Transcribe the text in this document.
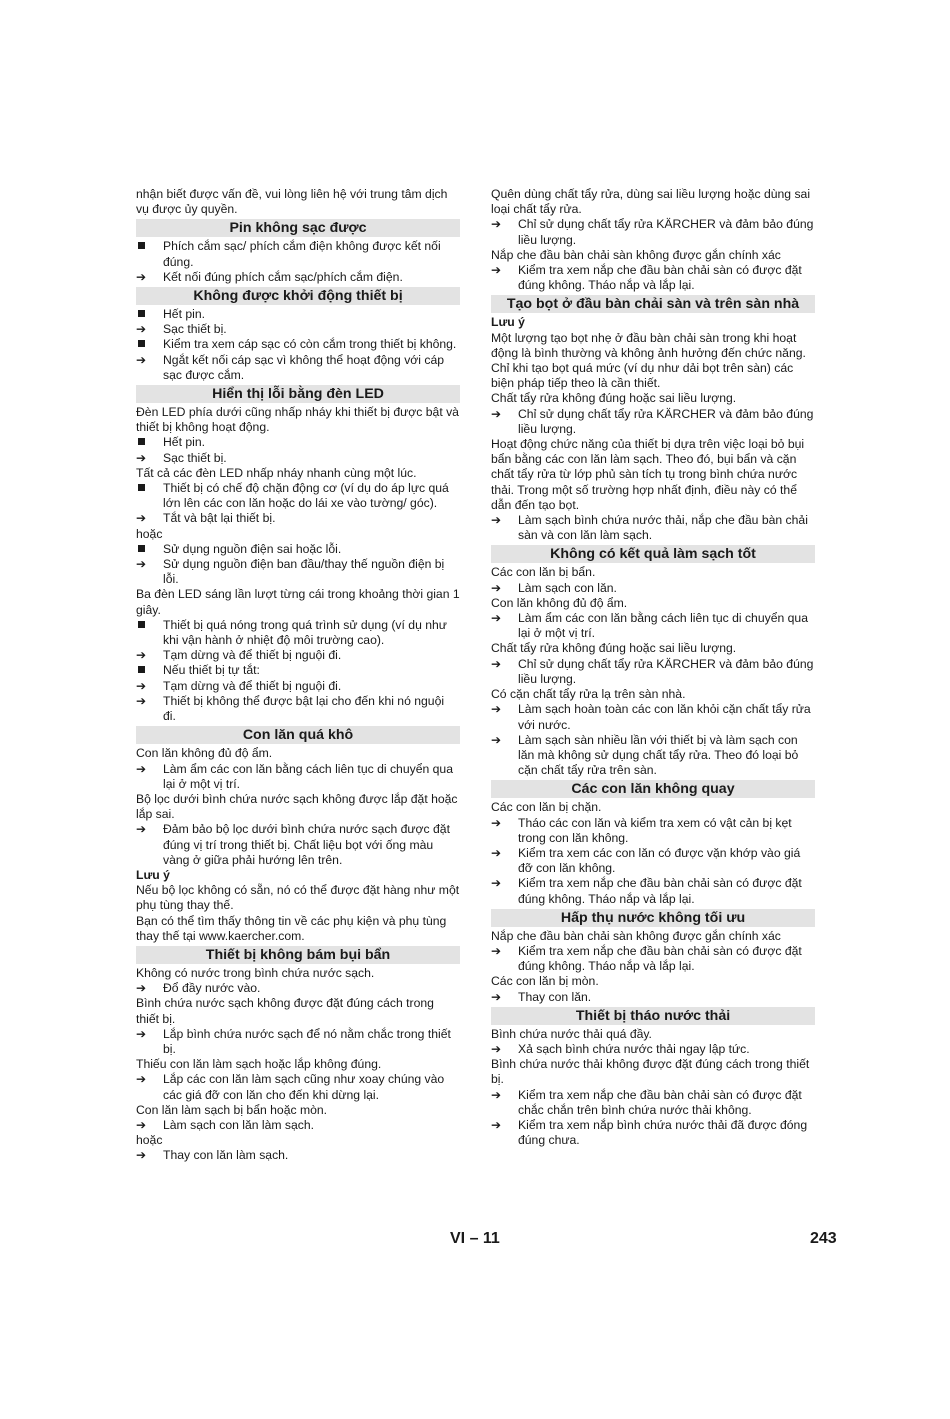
nhận biết được vấn đề, vui lòng liên hệ với trung tâm dịch vụ được ủy quyền.
Pin không sạc được
Phích cắm sạc/ phích cắm điện không được kết nối đúng.
➔
Kết nối đúng phích cắm sạc/phích cắm điện.
Không được khởi động thiết bị
Hết pin.
➔
Sạc thiết bị.
Kiểm tra xem cáp sạc có còn cắm trong thiết bị không.
➔
Ngắt kết nối cáp sạc vì không thể hoạt động với cáp sạc được cắm.
Hiển thị lỗi bằng đèn LED
Đèn LED phía dưới cũng nhấp nháy khi thiết bị được bật và thiết bị không hoạt động.
Hết pin.
➔
Sạc thiết bị.
Tất cả các đèn LED nhấp nháy nhanh cùng một lúc.
Thiết bị có chế độ chặn động cơ (ví dụ do áp lực quá lớn lên các con lăn hoặc do lái xe vào tường/ góc).
➔
Tắt và bật lại thiết bị.
hoặc
Sử dụng nguồn điện sai hoặc lỗi.
➔
Sử dụng nguồn điện ban đầu/thay thế nguồn điện bị lỗi.
Ba đèn LED sáng lần lượt từng cái trong khoảng thời gian 1 giây.
Thiết bị quá nóng trong quá trình sử dụng (ví dụ như khi vận hành ở nhiệt độ môi trường cao).
➔
Tạm dừng và để thiết bị nguội đi.
Nếu thiết bị tự tắt:
➔
Tạm dừng và để thiết bị nguội đi.
➔
Thiết bị không thể được bật lại cho đến khi nó nguội đi.
Con lăn quá khô
Con lăn không đủ độ ẩm.
➔
Làm ẩm các con lăn bằng cách liên tục di chuyển qua lại ở một vị trí.
Bộ lọc dưới bình chứa nước sạch không được lắp đặt hoặc lắp sai.
➔
Đảm bảo bộ lọc dưới bình chứa nước sạch được đặt đúng vị trí trong thiết bị. Chất liệu bọt với ống màu vàng ở giữa phải hướng lên trên.
Lưu ý
Nếu bộ lọc không có sẵn, nó có thể được đặt hàng như một phụ tùng thay thế.
Bạn có thể tìm thấy thông tin về các phụ kiện và phụ tùng thay thế tại www.kaercher.com.
Thiết bị không bám bụi bẩn
Không có nước trong bình chứa nước sạch.
➔
Đổ đầy nước vào.
Bình chứa nước sạch không được đặt đúng cách trong thiết bị.
➔
Lắp bình chứa nước sạch để nó nằm chắc trong thiết bị.
Thiếu con lăn làm sạch hoặc lắp không đúng.
➔
Lắp các con lăn làm sạch cũng như xoay chúng vào các giá đỡ con lăn cho đến khi dừng lại.
Con lăn làm sạch bị bẩn hoặc mòn.
➔
Làm sạch con lăn làm sạch.
hoặc
➔
Thay con lăn làm sạch.
Quên dùng chất tẩy rửa, dùng sai liều lượng hoặc dùng sai loại chất tẩy rửa.
➔
Chỉ sử dụng chất tẩy rửa KÄRCHER và đảm bảo đúng liều lượng.
Nắp che đầu bàn chải sàn không được gắn chính xác
➔
Kiểm tra xem nắp che đầu bàn chải sàn có được đặt đúng không. Tháo nắp và lắp lại.
Tạo bọt ở đầu bàn chải sàn và trên sàn nhà
Lưu ý
Một lượng tạo bọt nhẹ ở đầu bàn chải sàn trong khi hoạt động là bình thường và không ảnh hưởng đến chức năng. Chỉ khi tạo bọt quá mức (ví dụ như dải bọt trên sàn) các biện pháp tiếp theo là cần thiết.
Chất tẩy rửa không đúng hoặc sai liều lượng.
➔
Chỉ sử dụng chất tẩy rửa KÄRCHER và đảm bảo đúng liều lượng.
Hoạt động chức năng của thiết bị dựa trên việc loại bỏ bụi bẩn bằng các con lăn làm sạch. Theo đó, bụi bẩn và cặn chất tẩy rửa từ lớp phủ sàn tích tụ trong bình chứa nước thải. Trong một số trường hợp nhất định, điều này có thể dẫn đến tạo bọt.
➔
Làm sạch bình chứa nước thải, nắp che đầu bàn chải sàn và con lăn làm sạch.
Không có kết quả làm sạch tốt
Các con lăn bị bẩn.
➔
Làm sạch con lăn.
Con lăn không đủ độ ẩm.
➔
Làm ẩm các con lăn bằng cách liên tục di chuyển qua lại ở một vị trí.
Chất tẩy rửa không đúng hoặc sai liều lượng.
➔
Chỉ sử dụng chất tẩy rửa KÄRCHER và đảm bảo đúng liều lượng.
Có cặn chất tẩy rửa lạ trên sàn nhà.
➔
Làm sạch hoàn toàn các con lăn khỏi cặn chất tẩy rửa với nước.
➔
Làm sạch sàn nhiều lần với thiết bị và làm sạch con lăn mà không sử dụng chất tẩy rửa. Theo đó loại bỏ cặn chất tẩy rửa trên sàn.
Các con lăn không quay
Các con lăn bị chặn.
➔
Tháo các con lăn và kiểm tra xem có vật cản bị kẹt trong con lăn không.
➔
Kiểm tra xem các con lăn có được vặn khớp vào giá đỡ con lăn không.
➔
Kiểm tra xem nắp che đầu bàn chải sàn có được đặt đúng không. Tháo nắp và lắp lại.
Hấp thụ nước không tối ưu
Nắp che đầu bàn chải sàn không được gắn chính xác
➔
Kiểm tra xem nắp che đầu bàn chải sàn có được đặt đúng không. Tháo nắp và lắp lại.
Các con lăn bị mòn.
➔
Thay con lăn.
Thiết bị tháo nước thải
Bình chứa nước thải quá đầy.
➔
Xả sạch bình chứa nước thải ngay lập tức.
Bình chứa nước thải không được đặt đúng cách trong thiết bị.
➔
Kiểm tra xem nắp che đầu bàn chải sàn có được đặt chắc chắn trên bình chứa nước thải không.
➔
Kiểm tra xem nắp bình chứa nước thải đã được đóng đúng chưa.
VI – 11	243
